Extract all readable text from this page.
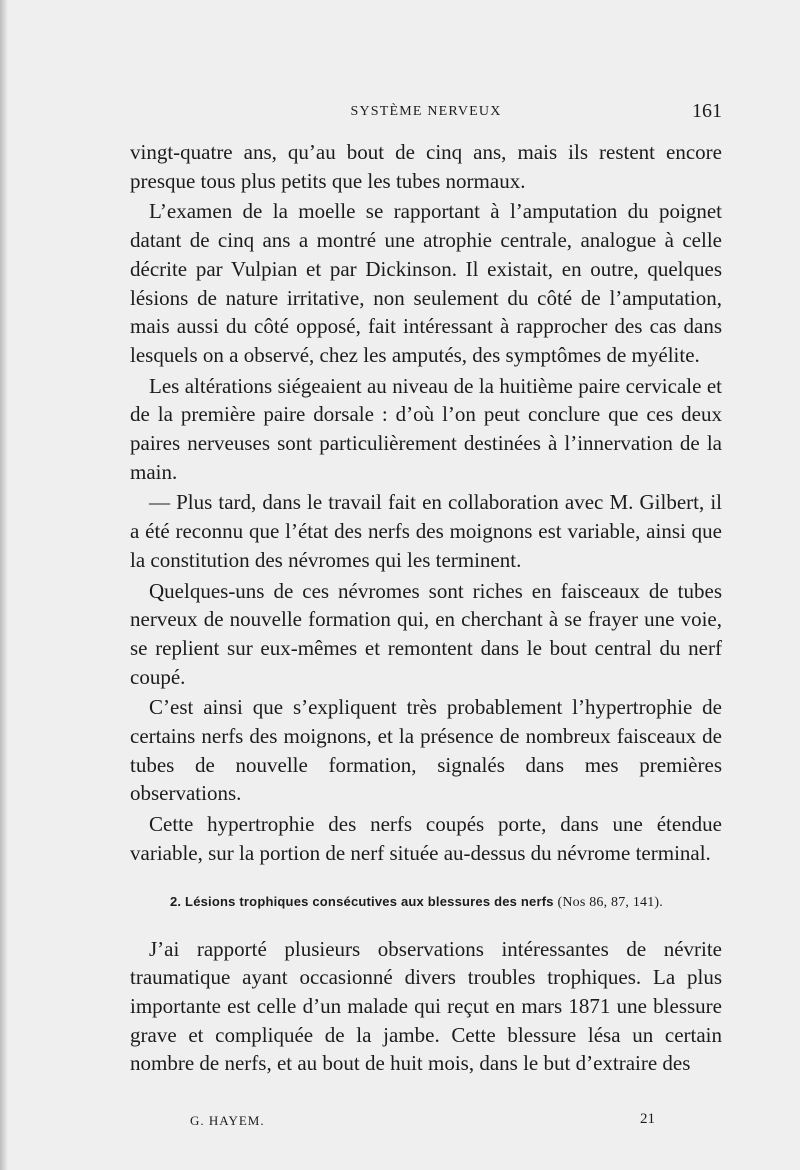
SYSTÈME NERVEUX	161

vingt-quatre ans, qu’au bout de cinq ans, mais ils restent encore presque tous plus petits que les tubes normaux.

L’examen de la moelle se rapportant à l’amputation du poignet datant de cinq ans a montré une atrophie centrale, analogue à celle décrite par Vulpian et par Dickinson. Il existait, en outre, quelques lésions de nature irritative, non seulement du côté de l’amputation, mais aussi du côté opposé, fait intéressant à rapprocher des cas dans lesquels on a observé, chez les amputés, des symptômes de myélite.

Les altérations siégeaient au niveau de la huitième paire cervicale et de la première paire dorsale : d’où l’on peut conclure que ces deux paires nerveuses sont particulièrement destinées à l’innervation de la main.

— Plus tard, dans le travail fait en collaboration avec M. Gilbert, il a été reconnu que l’état des nerfs des moignons est variable, ainsi que la constitution des névromes qui les terminent.

Quelques-uns de ces névromes sont riches en faisceaux de tubes nerveux de nouvelle formation qui, en cherchant à se frayer une voie, se replient sur eux-mêmes et remontent dans le bout central du nerf coupé.

C’est ainsi que s’expliquent très probablement l’hypertrophie de certains nerfs des moignons, et la présence de nombreux faisceaux de tubes de nouvelle formation, signalés dans mes premières observations.

Cette hypertrophie des nerfs coupés porte, dans une étendue variable, sur la portion de nerf située au-dessus du névrome terminal.

2. Lésions trophiques consécutives aux blessures des nerfs (Nos 86, 87, 141).

J’ai rapporté plusieurs observations intéressantes de névrite traumatique ayant occasionné divers troubles trophiques. La plus importante est celle d’un malade qui reçut en mars 1871 une blessure grave et compliquée de la jambe. Cette blessure lésa un certain nombre de nerfs, et au bout de huit mois, dans le but d’extraire des

G. HAYEM.	21
